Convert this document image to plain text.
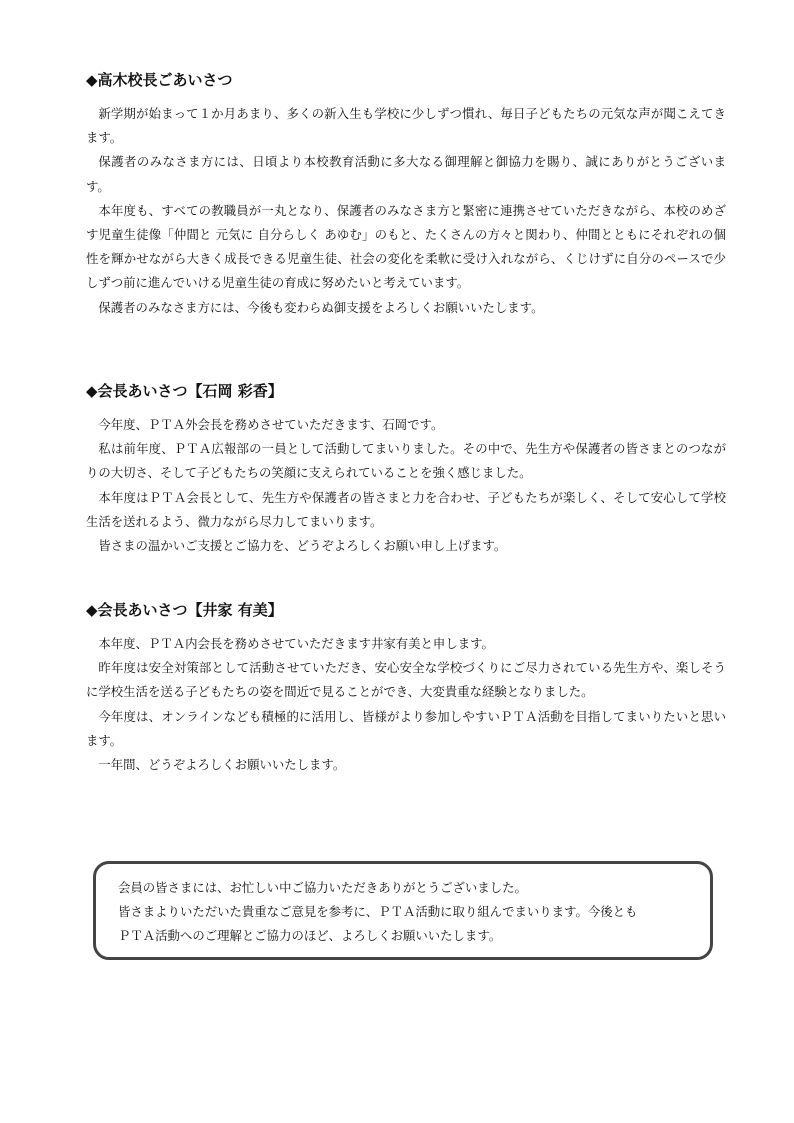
◆高木校長ごあいさつ

新学期が始まって１か月あまり、多くの新入生も学校に少しずつ慣れ、毎日子どもたちの元気な声が聞こえてきます。

保護者のみなさま方には、日頃より本校教育活動に多大なる御理解と御協力を賜り、誠にありがとうございます。

本年度も、すべての教職員が一丸となり、保護者のみなさま方と緊密に連携させていただきながら、本校のめざす児童生徒像「仲間と 元気に 自分らしく あゆむ」のもと、たくさんの方々と関わり、仲間とともにそれぞれの個性を輝かせながら大きく成長できる児童生徒、社会の変化を柔軟に受け入れながら、くじけずに自分のペースで少しずつ前に進んでいける児童生徒の育成に努めたいと考えています。

保護者のみなさま方には、今後も変わらぬ御支援をよろしくお願いいたします。

◆会長あいさつ【石岡 彩香】

今年度、ＰＴＡ外会長を務めさせていただきます、石岡です。

私は前年度、ＰＴＡ広報部の一員として活動してまいりました。その中で、先生方や保護者の皆さまとのつながりの大切さ、そして子どもたちの笑顔に支えられていることを強く感じました。

本年度はＰＴＡ会長として、先生方や保護者の皆さまと力を合わせ、子どもたちが楽しく、そして安心して学校生活を送れるよう、微力ながら尽力してまいります。

皆さまの温かいご支援とご協力を、どうぞよろしくお願い申し上げます。

◆会長あいさつ【井家 有美】

本年度、ＰＴＡ内会長を務めさせていただきます井家有美と申します。

昨年度は安全対策部として活動させていただき、安心安全な学校づくりにご尽力されている先生方や、楽しそうに学校生活を送る子どもたちの姿を間近で見ることができ、大変貴重な経験となりました。

今年度は、オンラインなども積極的に活用し、皆様がより参加しやすいＰＴＡ活動を目指してまいりたいと思います。

一年間、どうぞよろしくお願いいたします。

会員の皆さまには、お忙しい中ご協力いただきありがとうございました。

皆さまよりいただいた貴重なご意見を参考に、ＰＴＡ活動に取り組んでまいります。今後とも

ＰＴＡ活動へのご理解とご協力のほど、よろしくお願いいたします。
